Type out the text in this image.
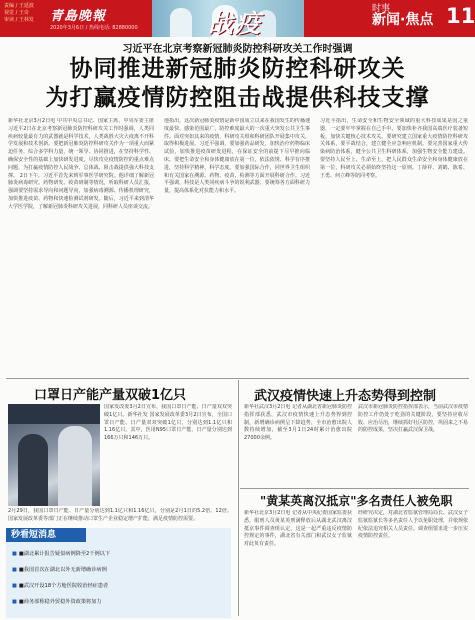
责编 / 王延波
视觉 / 王奇
审读 / 王林发 青島晚報
2020年3月6日 / 热线电话: 82880000	战疫	时事
新闻·焦点 11
习近平在北京考察新冠肺炎防控科研攻关工作时强调
协同推进新冠肺炎防控科研攻关
为打赢疫情防控阻击战提供科技支撑
新华社北京3月2日电 中共中央总书记、国家主席、中央军委主席习近平2日在北京考察新冠肺炎防控科研攻关工作时强调，人类同疾病较量最有力的武器就是科学技术，人类战胜大灾大疫离不开科学发展和技术创新。要把新冠肺炎防控科研攻关作为一项重大而紧迫任务，综合多学科力量，统一领导、协同推进，在坚持科学性、确保安全性的基础上加快研发进度，尽快攻克疫情防控的重点难点问题，为打赢疫情防控人民战争、总体战、阻击战提供强大科技支撑。 2日下午，习近平首先来到军事医学研究院。他详细了解新冠肺炎病毒研究、药物研发、疫苗研制等情况，听取科研人员汇报，强调要坚持需求导向和问题导向，加强病毒溯源、传播机理研究，加快推进疫苗、药物和快速检测试剂研发。随后，习近平来到清华大学医学院，了解新冠肺炎科研攻关进展，同科研人员座谈交流。
他指出，这次新冠肺炎疫情是新中国成立以来在我国发生的传播速度最快、感染范围最广、防控难度最大的一次重大突发公共卫生事件。面对突如其来的疫情，科研攻关组和科研团队开展集中攻关，取得积极进展。习近平强调，要加强药品研发，加快治疗药物临床试验，加快推进疫苗研发进程，在保证安全的前提下尽早推向临床。要把生命安全和身体健康放在第一位，依法依规、科学有序推进，坚持科学精神、科学态度。要加强国际合作，同世界卫生组织和有关国家在溯源、药物、疫苗、检测等方面开展科研合作。习近平强调，科技是人类同疾病斗争的锐利武器。要统筹各方面科研力量，提高体系化对抗能力和水平。
习近平指出，生命安全和生物安全领域的重大科技成果是国之重器，一定要牢牢掌握在自己手中。要加快补齐我国高端医疗装备短板，加快关键核心技术攻关。要研究建立国家重大疫情防控科研攻关体系，要平战结合，建立健全应急响应机制。要完善国家重大传染病防治体系，健全公共卫生科研体系，加强生物安全能力建设。要坚持人民至上、生命至上，把人民群众生命安全和身体健康放在第一位，科研攻关必须始终坚持这一原则。丁薛祥、刘鹤、陈希、王勇、何立峰等陪同考察。
口罩日产能产量双破1亿只
国家发改委3月2日宣布，我国口罩日产能、日产量双双突破1亿只。新华社发 国家发展改革委3月2日宣布，全国口罩日产能、日产量双双突破1亿只，分别达到1.1亿只和1.16亿只。其中，医用N95口罩日产能、日产量分别达到166万只和146万只。
2月29日，我国口罩日产能、日产量分别达到1.1亿只和1.16亿只，分别是2月1日的5.2倍、12倍。国家发展改革委等部门正在继续推动口罩生产企业稳定增产扩能，满足疫情防控需要。
秒看短消息
■ ■湖北累计报告疑似病例降至2千例以下
■ ■我国首次在湖北以外无新增确诊病例
■ ■武汉开设18个方舱医院收治轻症患者
■ ■商务部称稳外贸稳外资政策将加力
武汉疫情快速上升态势得到控制
新华社武汉3月2日电 记者从湖北省新冠肺炎防控指挥部获悉，武汉市疫情快速上升态势得到控制，新增确诊病例呈下降趋势，全市治愈出院人数持续增加，截至3月1日24时累计治愈出院27000余例。
武汉市新冠肺炎防控指挥部表示，当前武汉市疫情防控工作仍处于吃劲的关键阶段，要坚持应收尽收、应治尽治，继续抓好社区防控，巩固来之不易的防控成果，坚决打赢武汉保卫战。
"黄某英离汉抵京"多名责任人被免职
新华社北京3月2日电 记者从中央纪委国家监委获悉，服刑人员黄某英刑满释放后从湖北武汉离汉抵京事件调查组认定，这是一起严重违反疫情防控规定的事件，湖北省有关部门和武汉女子监狱对此负有责任。
经研究决定，对湖北省监狱管理局局长、武汉女子监狱监狱长等多名责任人予以免职处理，并依规依纪依法追究相关人员责任。调查组要求进一步压实疫情防控责任。
